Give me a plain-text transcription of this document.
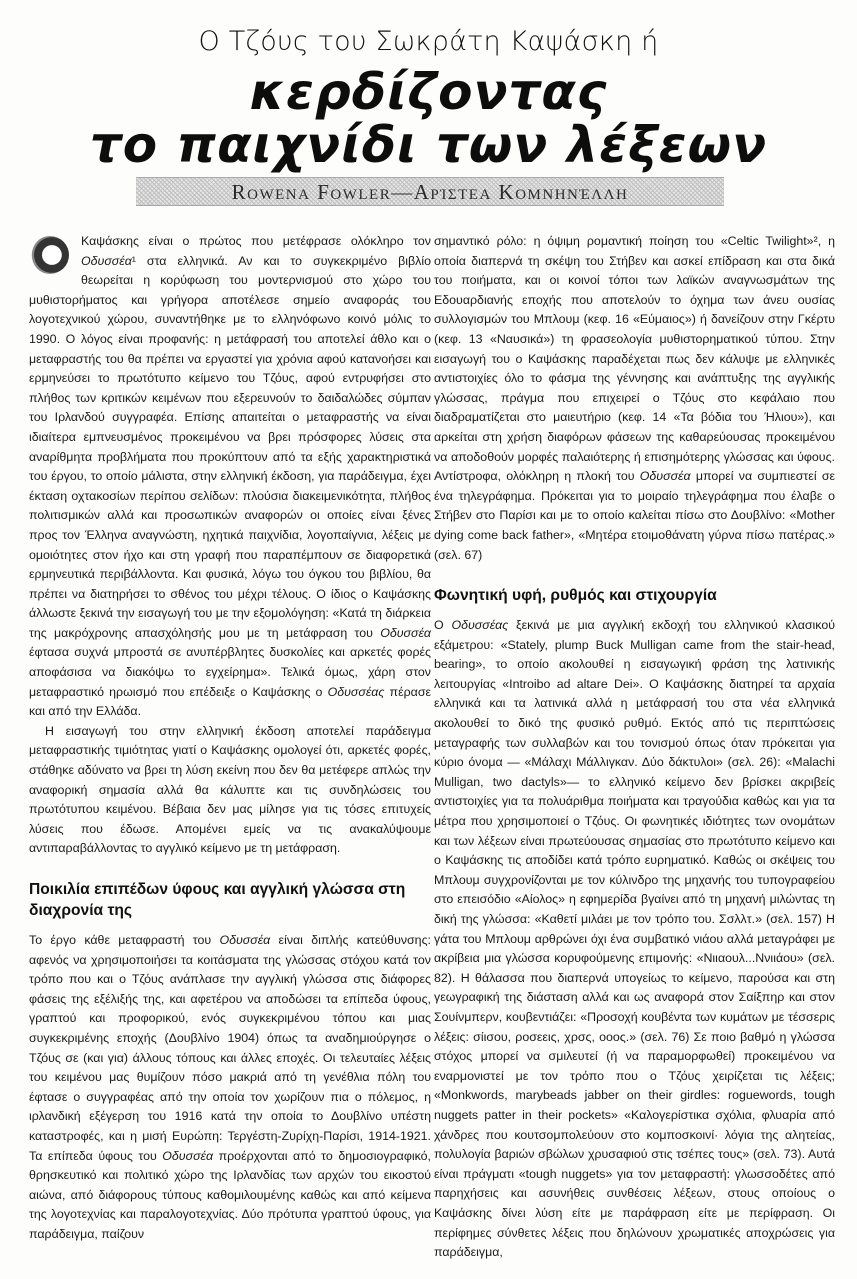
Ο Τζόυς του Σωκράτη Καψάσκη ή
κερδίζοντας
το παιχνίδι των λέξεων
Rowena Fowler—Αρίστεα Κομνηνέλλη

Καψάσκης είναι ο πρώτος που μετέφρασε ολόκληρο τον Οδυσσέα¹ στα ελληνικά. Αν και το συγκεκριμένο βιβλίο θεωρείται η κορύφωση του μοντερνισμού στο χώρο του μυθιστορήματος και γρήγορα αποτέλεσε σημείο αναφοράς του λογοτεχνικού χώρου, συναντήθηκε με το ελληνόφωνο κοινό μόλις το 1990. Ο λόγος είναι προφανής: η μετάφρασή του αποτελεί άθλο και ο μεταφραστής του θα πρέπει να εργαστεί για χρόνια αφού κατανοήσει και ερμηνεύσει το πρωτότυπο κείμενο του Τζόυς, αφού εντρυφήσει στο πλήθος των κριτικών κειμένων που εξερευνούν το δαιδαλώδες σύμπαν του Ιρλανδού συγγραφέα. Επίσης απαιτείται ο μεταφραστής να είναι ιδιαίτερα εμπνευσμένος προκειμένου να βρει πρόσφορες λύσεις στα αναρίθμητα προβλήματα που προκύπτουν από τα εξής χαρακτηριστικά του έργου, το οποίο μάλιστα, στην ελληνική έκδοση, για παράδειγμα, έχει έκταση οχτακοσίων περίπου σελίδων: πλούσια διακειμενικότητα, πλήθος πολιτισμικών αλλά και προσωπικών αναφορών οι οποίες είναι ξένες προς τον Έλληνα αναγνώστη, ηχητικά παιχνίδια, λογοπαίγνια, λέξεις με ομοιότητες στον ήχο και στη γραφή που παραπέμπουν σε διαφορετικά ερμηνευτικά περιβάλλοντα. Και φυσικά, λόγω του όγκου του βιβλίου, θα πρέπει να διατηρήσει το σθένος του μέχρι τέλους. Ο ίδιος ο Καψάσκης άλλωστε ξεκινά την εισαγωγή του με την εξομολόγηση: «Κατά τη διάρκεια της μακρόχρονης απασχόλησής μου με τη μετάφραση του Οδυσσέα έφτασα συχνά μπροστά σε ανυπέρβλητες δυσκολίες και αρκετές φορές αποφάσισα να διακόψω το εγχείρημα». Τελικά όμως, χάρη στον μεταφραστικό ηρωισμό που επέδειξε ο Καψάσκης ο Οδυσσέας πέρασε και από την Ελλάδα.

Η εισαγωγή του στην ελληνική έκδοση αποτελεί παράδειγμα μεταφραστικής τιμιότητας γιατί ο Καψάσκης ομολογεί ότι, αρκετές φορές, στάθηκε αδύνατο να βρει τη λύση εκείνη που δεν θα μετέφερε απλώς την αναφορική σημασία αλλά θα κάλυπτε και τις συνδηλώσεις του πρωτότυπου κειμένου. Βέβαια δεν μας μίλησε για τις τόσες επιτυχείς λύσεις που έδωσε. Απομένει εμείς να τις ανακαλύψουμε αντιπαραβάλλοντας το αγγλικό κείμενο με τη μετάφραση.

Ποικιλία επιπέδων ύφους και αγγλική γλώσσα στη διαχρονία της

Το έργο κάθε μεταφραστή του Οδυσσέα είναι διπλής κατεύθυνσης: αφενός να χρησιμοποιήσει τα κοιτάσματα της γλώσσας στόχου κατά τον τρόπο που και ο Τζόυς ανάπλασε την αγγλική γλώσσα στις διάφορες φάσεις της εξέλιξής της, και αφετέρου να αποδώσει τα επίπεδα ύφους, γραπτού και προφορικού, ενός συγκεκριμένου τόπου και μιας συγκεκριμένης εποχής (Δουβλίνο 1904) όπως τα αναδημιούργησε ο Τζόυς σε (και για) άλλους τόπους και άλλες εποχές. Οι τελευταίες λέξεις του κειμένου μας θυμίζουν πόσο μακριά από τη γενέθλια πόλη του έφτασε ο συγγραφέας από την οποία τον χωρίζουν πια ο πόλεμος, η ιρλανδική εξέγερση του 1916 κατά την οποία το Δουβλίνο υπέστη καταστροφές, και η μισή Ευρώπη: Τεργέστη-Ζυρίχη-Παρίσι, 1914-1921. Τα επίπεδα ύφους του Οδυσσέα προέρχονται από το δημοσιογραφικό, θρησκευτικό και πολιτικό χώρο της Ιρλανδίας των αρχών του εικοστού αιώνα, από διάφορους τύπους καθομιλουμένης καθώς και από κείμενα της λογοτεχνίας και παραλογοτεχνίας. Δύο πρότυπα γραπτού ύφους, για παράδειγμα, παίζουν

σημαντικό ρόλο: η όψιμη ρομαντική ποίηση του «Celtic Twilight»², η οποία διαπερνά τη σκέψη του Στήβεν και ασκεί επίδραση και στα δικά του ποιήματα, και οι κοινοί τόποι των λαϊκών αναγνωσμάτων της Εδουαρδιανής εποχής που αποτελούν το όχημα των άνευ ουσίας συλλογισμών του Μπλουμ (κεφ. 16 «Εύμαιος») ή δανείζουν στην Γκέρτυ (κεφ. 13 «Ναυσικά») τη φρασεολογία μυθιστορηματικού τύπου. Στην εισαγωγή του ο Καψάσκης παραδέχεται πως δεν κάλυψε με ελληνικές αντιστοιχίες όλο το φάσμα της γέννησης και ανάπτυξης της αγγλικής γλώσσας, πράγμα που επιχειρεί ο Τζόυς στο κεφάλαιο που διαδραματίζεται στο μαιευτήριο (κεφ. 14 «Τα βόδια του Ήλιου»), και αρκείται στη χρήση διαφόρων φάσεων της καθαρεύουσας προκειμένου να αποδοθούν μορφές παλαιότερης ή επισημότερης γλώσσας και ύφους. Αντίστροφα, ολόκληρη η πλοκή του Οδυσσέα μπορεί να συμπιεστεί σε ένα τηλεγράφημα. Πρόκειται για το μοιραίο τηλεγράφημα που έλαβε ο Στήβεν στο Παρίσι και με το οποίο καλείται πίσω στο Δουβλίνο: «Mother dying come back father», «Μητέρα ετοιμοθάνατη γύρνα πίσω πατέρας.» (σελ. 67)

Φωνητική υφή, ρυθμός και στιχουργία

Ο Οδυσσέας ξεκινά με μια αγγλική εκδοχή του ελληνικού κλασικού εξάμετρου: «Stately, plump Buck Mulligan came from the stair-head, bearing», το οποίο ακολουθεί η εισαγωγική φράση της λατινικής λειτουργίας «Introibo ad altare Dei». Ο Καψάσκης διατηρεί τα αρχαία ελληνικά και τα λατινικά αλλά η μετάφρασή του στα νέα ελληνικά ακολουθεί το δικό της φυσικό ρυθμό. Εκτός από τις περιπτώσεις μεταγραφής των συλλαβών και του τονισμού όπως όταν πρόκειται για κύριο όνομα — «Μάλαχι Μάλλιγκαν. Δύο δάκτυλοι» (σελ. 26): «Malachi Mulligan, two dactyls»— το ελληνικό κείμενο δεν βρίσκει ακριβείς αντιστοιχίες για τα πολυάριθμα ποιήματα και τραγούδια καθώς και για τα μέτρα που χρησιμοποιεί ο Τζόυς. Οι φωνητικές ιδιότητες των ονομάτων και των λέξεων είναι πρωτεύουσας σημασίας στο πρωτότυπο κείμενο και ο Καψάσκης τις αποδίδει κατά τρόπο ευρηματικό. Καθώς οι σκέψεις του Μπλουμ συγχρονίζονται με τον κύλινδρο της μηχανής του τυπογραφείου στο επεισόδιο «Αίολος» η εφημερίδα βγαίνει από τη μηχανή μιλώντας τη δική της γλώσσα: «Καθετί μιλάει με τον τρόπο του. Σσλλτ.» (σελ. 157) Η γάτα του Μπλουμ αρθρώνει όχι ένα συμβατικό νιάου αλλά μεταγράφει με ακρίβεια μια γλώσσα κορυφούμενης επιμονής: «Νιιαουλ...Ννιιάου» (σελ. 82). Η θάλασσα που διαπερνά υπογείως το κείμενο, παρούσα και στη γεωγραφική της διάσταση αλλά και ως αναφορά στον Σαίξπηρ και στον Σουίνμπερν, κουβεντιάζει: «Προσοχή κουβέντα των κυμάτων με τέσσερις λέξεις: σίισου, ροσεεις, χρσς, οοος.» (σελ. 76) Σε ποιο βαθμό η γλώσσα στόχος μπορεί να σμιλευτεί (ή να παραμορφωθεί) προκειμένου να εναρμονιστεί με τον τρόπο που ο Τζόυς χειρίζεται τις λέξεις; «Monkwords, marybeads jabber on their girdles: roguewords, tough nuggets patter in their pockets» «Καλογερίστικα σχόλια, φλυαρία από χάνδρες που κουτσομπολεύουν στο κομποσκοινί· λόγια της αλητείας, πολυλογία βαριών σβώλων χρυσαφιού στις τσέπες τους» (σελ. 73). Αυτά είναι πράγματι «tough nuggets» για τον μεταφραστή: γλωσσοδέτες από παρηχήσεις και ασυνήθεις συνθέσεις λέξεων, στους οποίους ο Καψάσκης δίνει λύση είτε με παράφραση είτε με περίφραση. Οι περίφημες σύνθετες λέξεις που δηλώνουν χρωματικές αποχρώσεις για παράδειγμα,
